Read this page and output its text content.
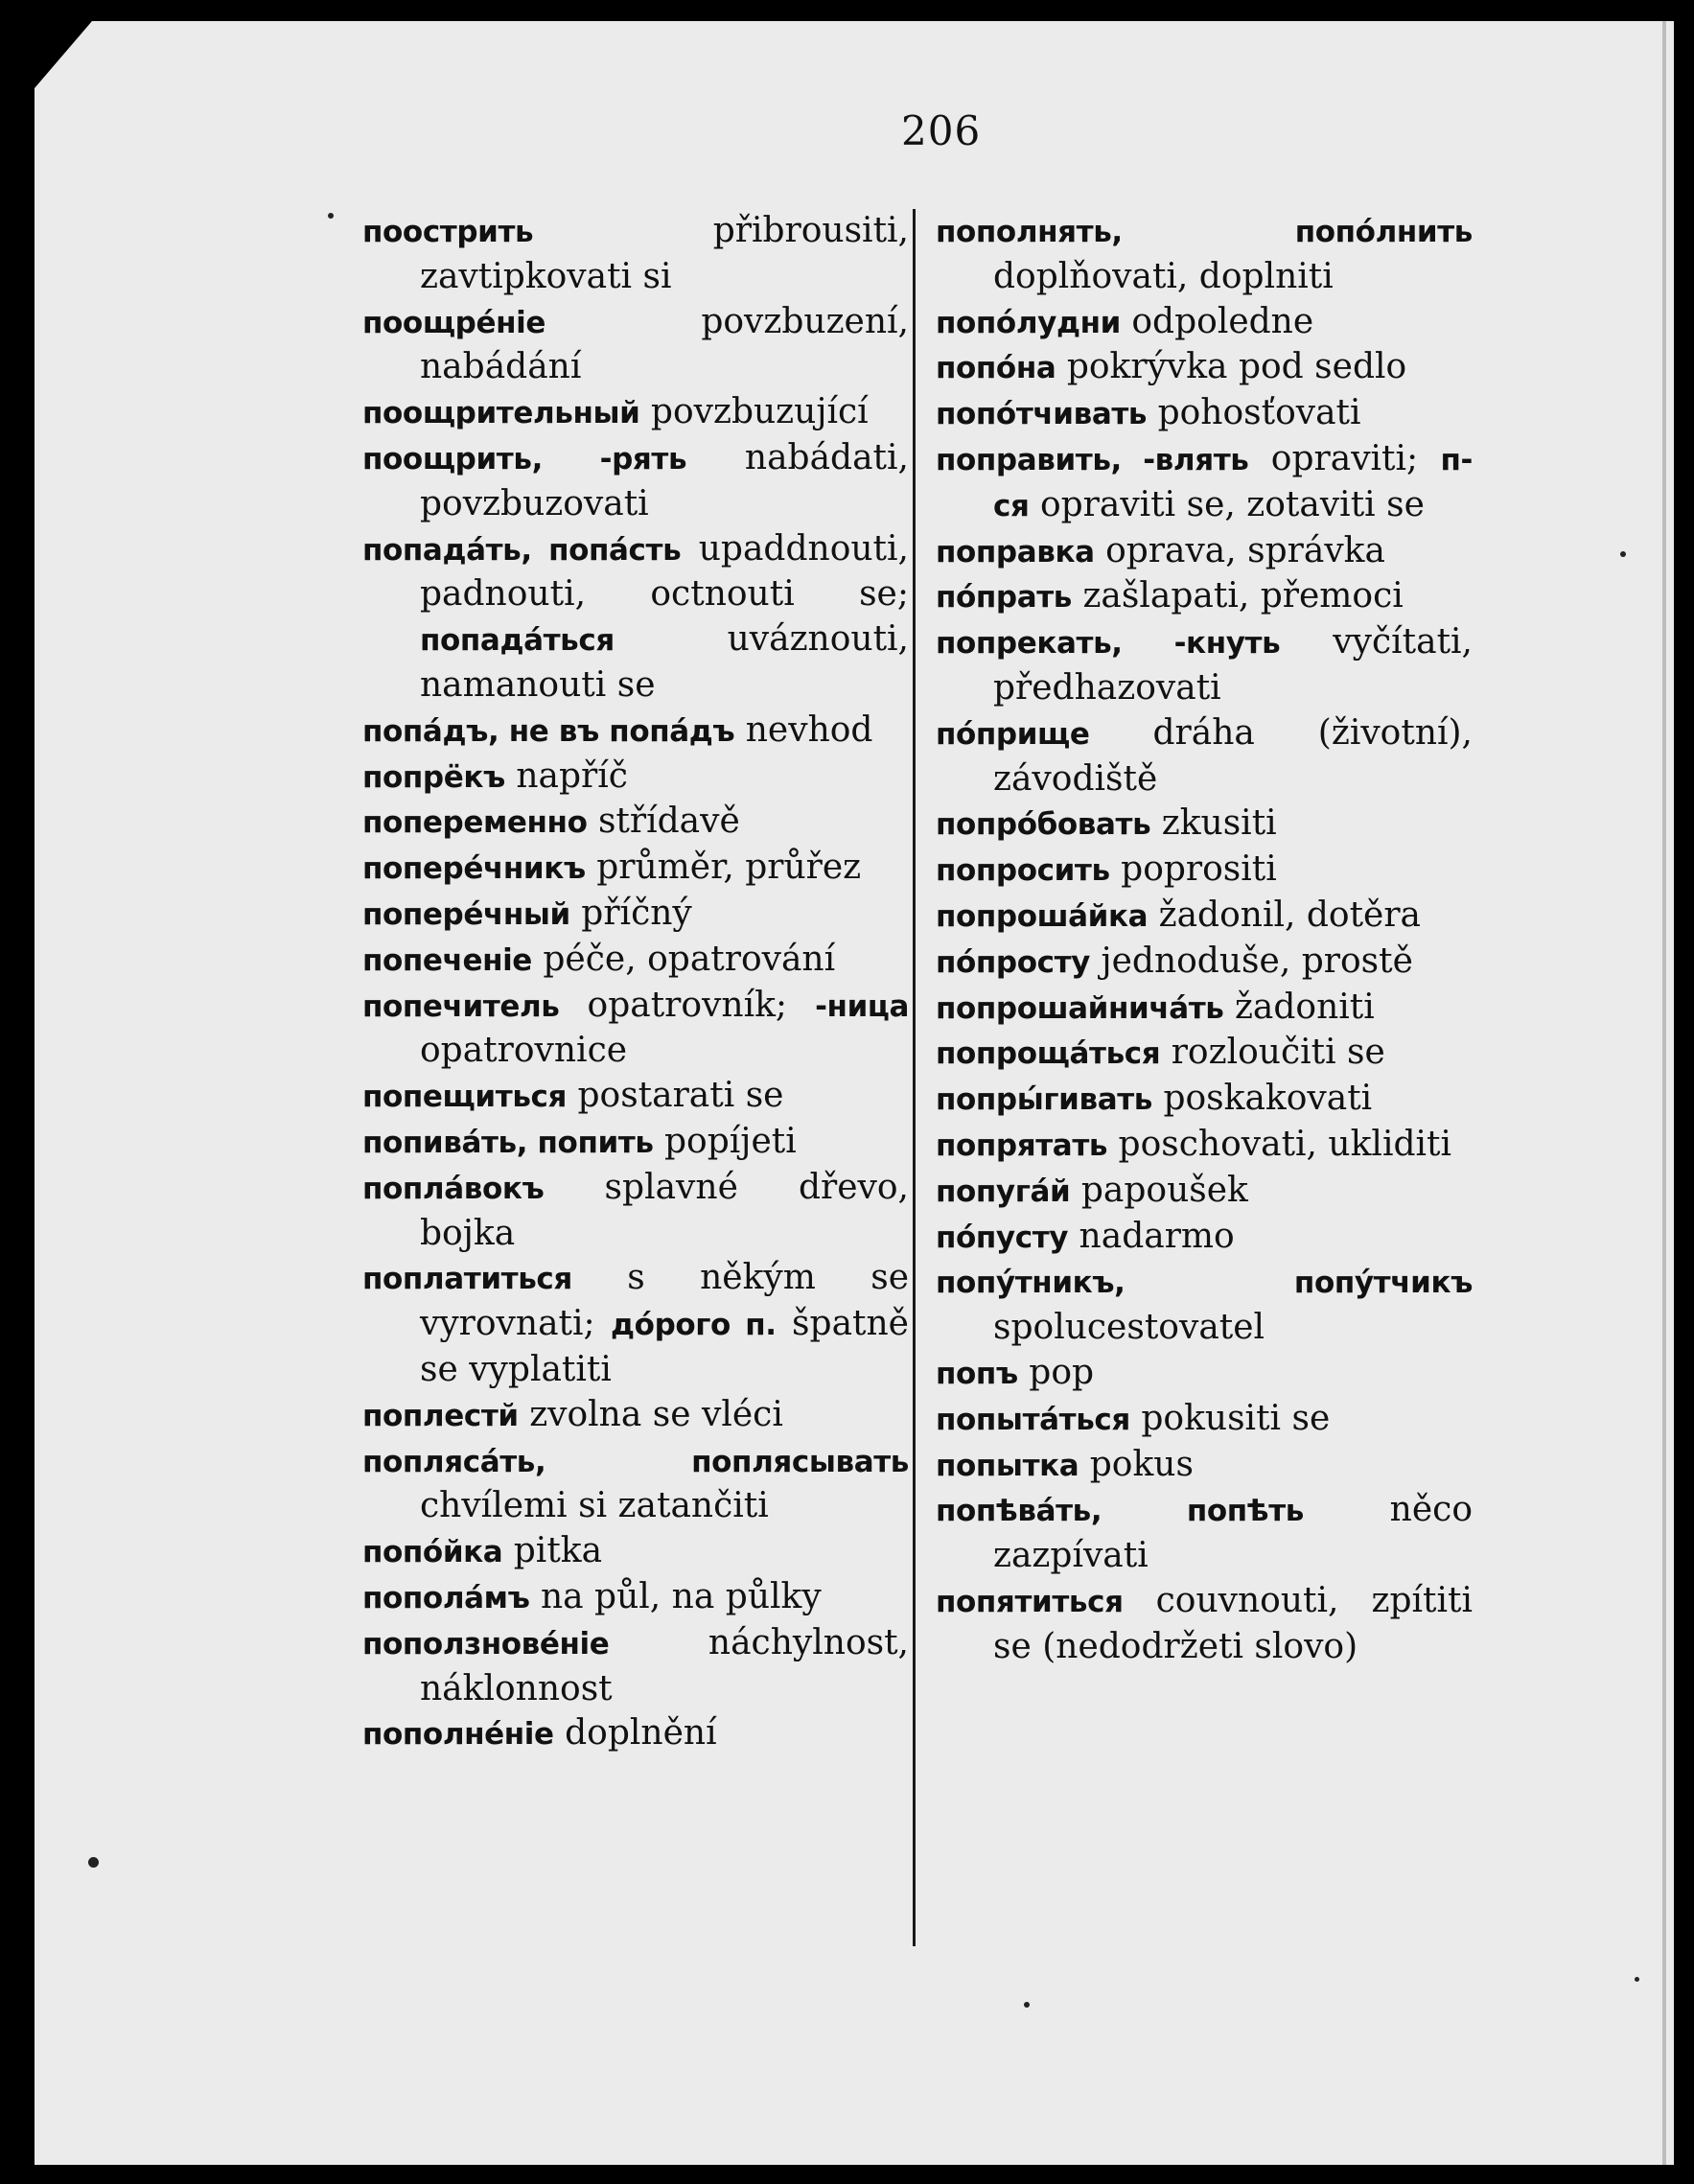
206
поострить	přibrousiti, zavtipkovati si
поощрéніе	povzbuzení, nabádání
поощрительный povzbuzující
поощрить, -рять nabádati, povzbuzovati
попадáть, попáсть upaddnouti, padnouti, octnouti se; попадáться	uváznouti, namanouti se
попáдъ, не въ попáдъ nevhod
попрёкъ napříč
попеременно střídavě
попере́чникъ průměr, průřez
попере́чный příčný
попеченіе péče, opatrování
попечитель opatrovník; -ница opatrovnice
попещиться postarati se
попивáть, попить popíjeti
поплáвокъ splavné dřevo, bojka
поплатиться s někým se vyrovnati; дóрого п. špatně se vyplatiti
поплестй zvolna se vléci
поплясáть,	поплясывать chvílemi si zatančiti
попóйка pitka
пополáмъ na půl, na půlky
поползновéніе	náchylnost, náklonnost
пополнéніе doplnění
пополнять, попóлнить doplňovati, doplniti
попо́лудни odpoledne
попóна pokrývka pod sedlo
попóтчивать pohosťovati
поправить, -влять opraviti; п-ся opraviti se, zotaviti se
поправка oprava, správka
пóпрать zašlapati, přemoci
попрекать, -кнуть vyčítati, předhazovati
пóприще dráha (životní), závodiště
попрóбовать zkusiti
попросить poprositi
попрошáйка žadonil, dotěra
пóпросту jednoduše, prostě
попрошайничáть žadoniti
попрощáться rozloučiti se
попры́гивать poskakovati
попрятать poschovati, ukliditi
попугáй papoušek
пóпусту nadarmo
попу́тникъ, попу́тчикъ spolucestovatel
попъ pop
попытáться pokusiti se
попытка pokus
попѣвáть, попѣть něco zazpívati
попятиться couvnouti, zpítiti se (nedodržeti slovo)
